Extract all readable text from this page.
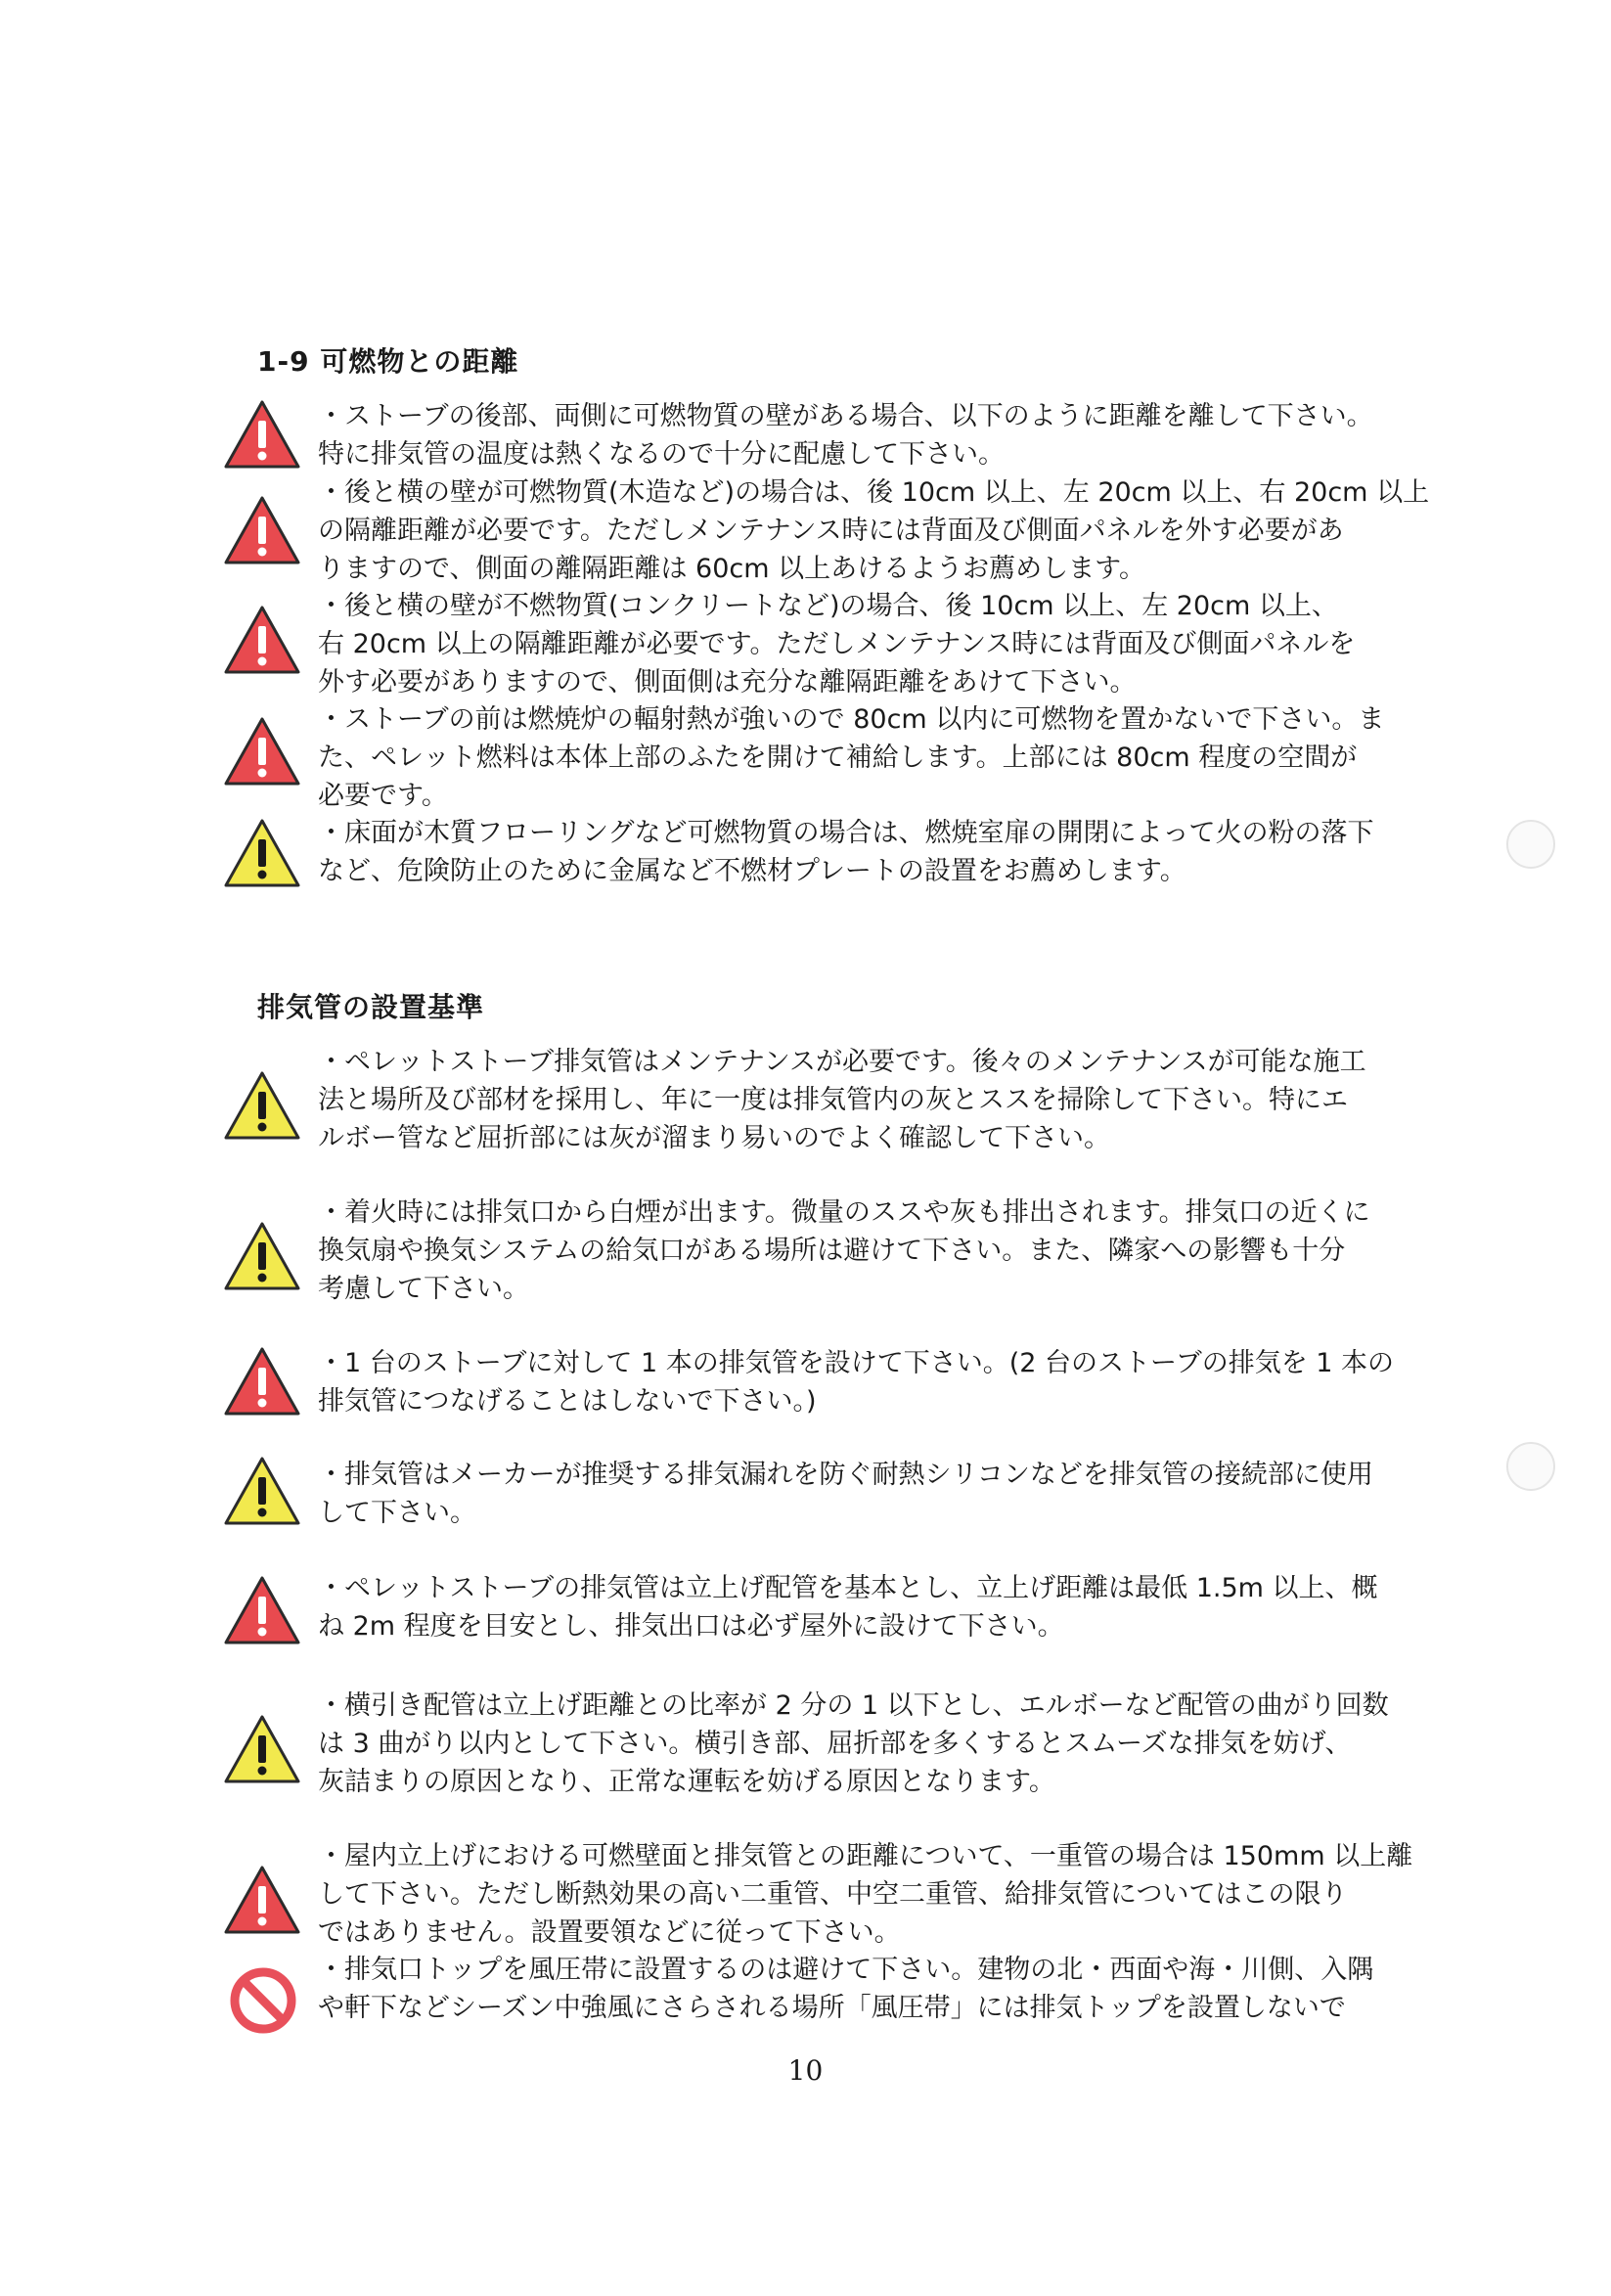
1-9 可燃物との距離

・ストーブの後部、両側に可燃物質の壁がある場合、以下のように距離を離して下さい。

特に排気管の温度は熱くなるので十分に配慮して下さい。

・後と横の壁が可燃物質(木造など)の場合は、後 10cm 以上、左 20cm 以上、右 20cm 以上

の隔離距離が必要です。ただしメンテナンス時には背面及び側面パネルを外す必要があ

りますので、側面の離隔距離は 60cm 以上あけるようお薦めします。

・後と横の壁が不燃物質(コンクリートなど)の場合、後 10cm 以上、左 20cm 以上、

右 20cm 以上の隔離距離が必要です。ただしメンテナンス時には背面及び側面パネルを

外す必要がありますので、側面側は充分な離隔距離をあけて下さい。

・ストーブの前は燃焼炉の輻射熱が強いので 80cm 以内に可燃物を置かないで下さい。ま

た、ペレット燃料は本体上部のふたを開けて補給します。上部には 80cm 程度の空間が

必要です。

・床面が木質フローリングなど可燃物質の場合は、燃焼室扉の開閉によって火の粉の落下

など、危険防止のために金属など不燃材プレートの設置をお薦めします。

排気管の設置基準

・ペレットストーブ排気管はメンテナンスが必要です。後々のメンテナンスが可能な施工

法と場所及び部材を採用し、年に一度は排気管内の灰とススを掃除して下さい。特にエ

ルボー管など屈折部には灰が溜まり易いのでよく確認して下さい。

・着火時には排気口から白煙が出ます。微量のススや灰も排出されます。排気口の近くに

換気扇や換気システムの給気口がある場所は避けて下さい。また、隣家への影響も十分

考慮して下さい。

・1 台のストーブに対して 1 本の排気管を設けて下さい。(2 台のストーブの排気を 1 本の

排気管につなげることはしないで下さい。)

・排気管はメーカーが推奨する排気漏れを防ぐ耐熱シリコンなどを排気管の接続部に使用

して下さい。

・ペレットストーブの排気管は立上げ配管を基本とし、立上げ距離は最低 1.5m 以上、概

ね 2m 程度を目安とし、排気出口は必ず屋外に設けて下さい。

・横引き配管は立上げ距離との比率が 2 分の 1 以下とし、エルボーなど配管の曲がり回数

は 3 曲がり以内として下さい。横引き部、屈折部を多くするとスムーズな排気を妨げ、

灰詰まりの原因となり、正常な運転を妨げる原因となります。

・屋内立上げにおける可燃壁面と排気管との距離について、一重管の場合は 150mm 以上離

して下さい。ただし断熱効果の高い二重管、中空二重管、給排気管についてはこの限り

ではありません。設置要領などに従って下さい。

・排気口トップを風圧帯に設置するのは避けて下さい。建物の北・西面や海・川側、入隅

や軒下などシーズン中強風にさらされる場所「風圧帯」には排気トップを設置しないで

10
